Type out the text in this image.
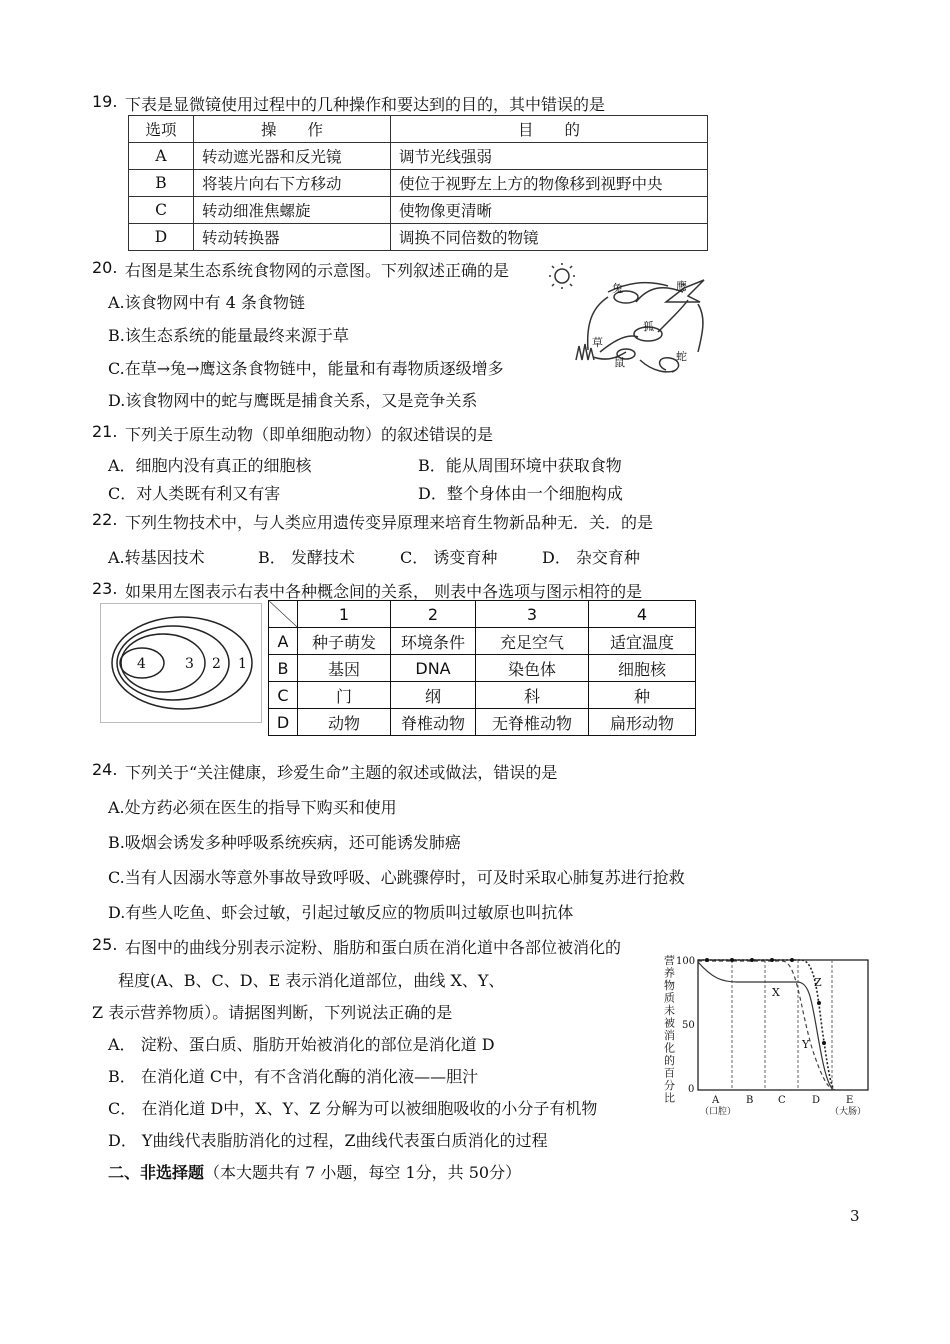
19. 下表是显微镜使用过程中的几种操作和要达到的目的，其中错误的是
选项	操　　作	目　　的
A	转动遮光器和反光镜	调节光线强弱
B	将装片向右下方移动	使位于视野左上方的物像移到视野中央
C	转动细准焦螺旋	使物像更清晰
D	转动转换器	调换不同倍数的物镜
20. 右图是某生态系统食物网的示意图。下列叙述正确的是
A.该食物网中有 4 条食物链
B.该生态系统的能量最终来源于草
C.在草→兔→鹰这条食物链中，能量和有毒物质逐级增多
D.该食物网中的蛇与鹰既是捕食关系，又是竞争关系
兔	鹰
狐
草
鼠	蛇
21. 下列关于原生动物（即单细胞动物）的叙述错误的是
A．细胞内没有真正的细胞核	B．能从周围环境中获取食物
C．对人类既有利又有害	D．整个身体由一个细胞构成
22. 下列生物技术中，与人类应用遗传变异原理来培育生物新品种无．关．的是
A.转基因技术	B． 发酵技术	C． 诱变育种	D． 杂交育种
23. 如果用左图表示右表中各种概念间的关系， 则表中各选项与图示相符的是
4	3 2 1
	1	2	3	4
A	种子萌发	环境条件	充足空气	适宜温度
B	基因	DNA	染色体	细胞核
C	门	纲	科	种
D	动物	脊椎动物	无脊椎动物	扁形动物
24. 下列关于“关注健康，珍爱生命”主题的叙述或做法，错误的是
A.处方药必须在医生的指导下购买和使用
B.吸烟会诱发多种呼吸系统疾病，还可能诱发肺癌
C.当有人因溺水等意外事故导致呼吸、心跳骤停时，可及时采取心肺复苏进行抢救
D.有些人吃鱼、虾会过敏，引起过敏反应的物质叫过敏原也叫抗体
25. 右图中的曲线分别表示淀粉、脂肪和蛋白质在消化道中各部位被消化的
程度(A、B、C、D、E 表示消化道部位，曲线 X、Y、
Z 表示营养物质）。请据图判断，下列说法正确的是
A． 淀粉、蛋白质、脂肪开始被消化的部位是消化道 D
B． 在消化道 C中，有不含消化酶的消化液——胆汁
C． 在消化道 D中，X、Y、Z 分解为可以被细胞吸收的小分子有机物
D． Y曲线代表脂肪消化的过程，Z曲线代表蛋白质消化的过程
营
养
物
质
未
被
消
化
的
百
分
比
100
50
0
A	B C	D	E
（口腔）	（大肠）
X
Y
Z
二、非选择题（本大题共有 7 小题，每空 1分，共 50分）
3
